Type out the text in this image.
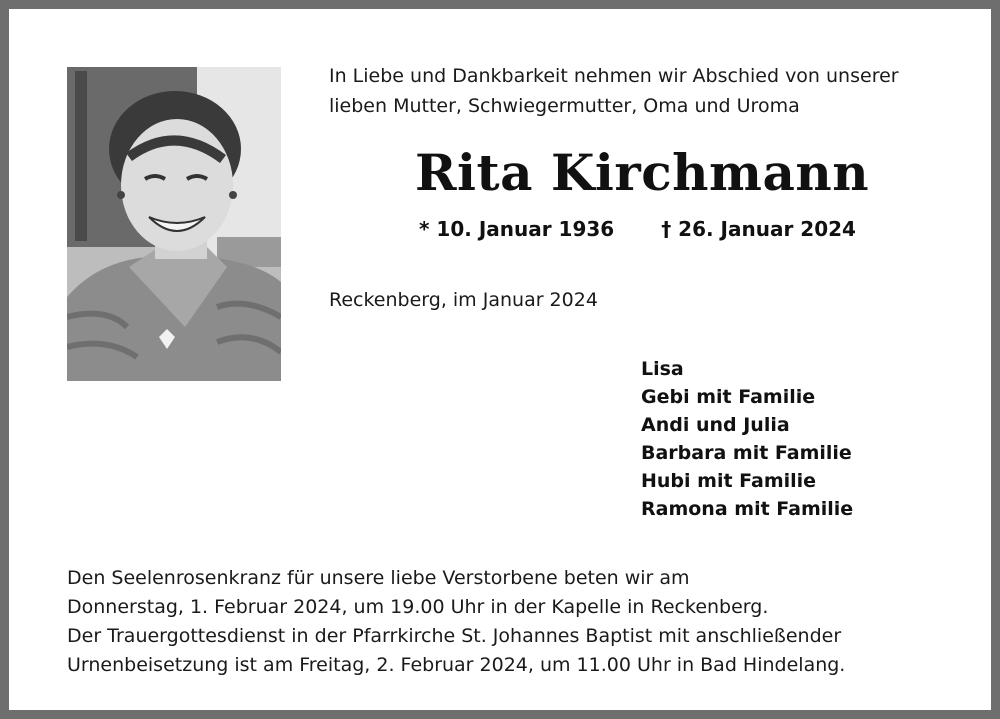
In Liebe und Dankbarkeit nehmen wir Abschied von unserer
lieben Mutter, Schwiegermutter, Oma und Uroma
Rita Kirchmann
* 10. Januar 1936 † 26. Januar 2024
Reckenberg, im Januar 2024
Lisa
Gebi mit Familie
Andi und Julia
Barbara mit Familie
Hubi mit Familie
Ramona mit Familie
Den Seelenrosenkranz für unsere liebe Verstorbene beten wir am
Donnerstag, 1. Februar 2024, um 19.00 Uhr in der Kapelle in Reckenberg.
Der Trauergottesdienst in der Pfarrkirche St. Johannes Baptist mit anschließender
Urnenbeisetzung ist am Freitag, 2. Februar 2024, um 11.00 Uhr in Bad Hindelang.
